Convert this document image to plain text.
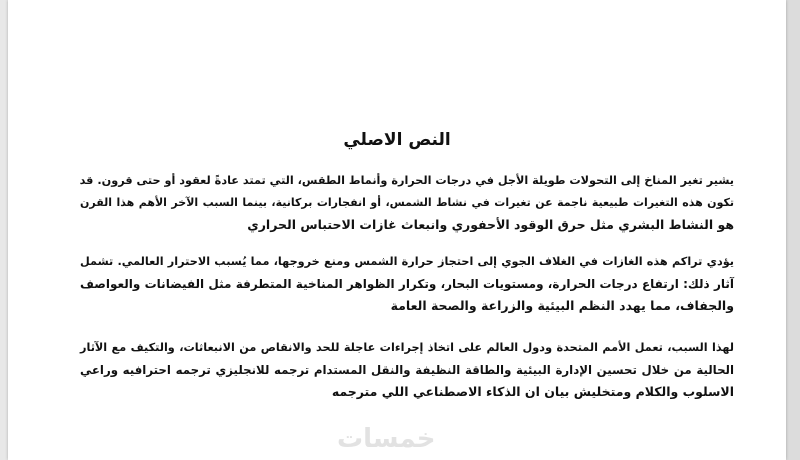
النص الاصلي

يشير تغير المناخ إلى التحولات طويلة الأجل في درجات الحرارة وأنماط الطقس، التي تمتد عادةً لعقود أو حتى قرون. قد
تكون هذه التغيرات طبيعية ناجمة عن تغيرات في نشاط الشمس، أو انفجارات بركانية، بينما السبب الآخر الأهم هذا القرن
هو النشاط البشري مثل حرق الوقود الأحفوري وانبعاث غازات الاحتباس الحراري

يؤدي تراكم هذه الغازات في الغلاف الجوي إلى احتجاز حرارة الشمس ومنع خروجها، مما يُسبب الاحترار العالمي. تشمل
آثار ذلك: ارتفاع درجات الحرارة، ومستويات البحار، وتكرار الظواهر المناخية المتطرفة مثل الفيضانات والعواصف
والجفاف، مما يهدد النظم البيئية والزراعة والصحة العامة

لهذا السبب، تعمل الأمم المتحدة ودول العالم على اتخاذ إجراءات عاجلة للحد والانقاص من الانبعاثات، والتكيف مع الآثار
الحالية من خلال تحسين الإدارة البيئية والطاقة النظيفة والنقل المستدام ترجمه للانجليزي ترجمه احترافيه وراعي
الاسلوب والكلام ومتخليش بيان ان الذكاء الاصطناعي اللي مترجمه

خمسات
